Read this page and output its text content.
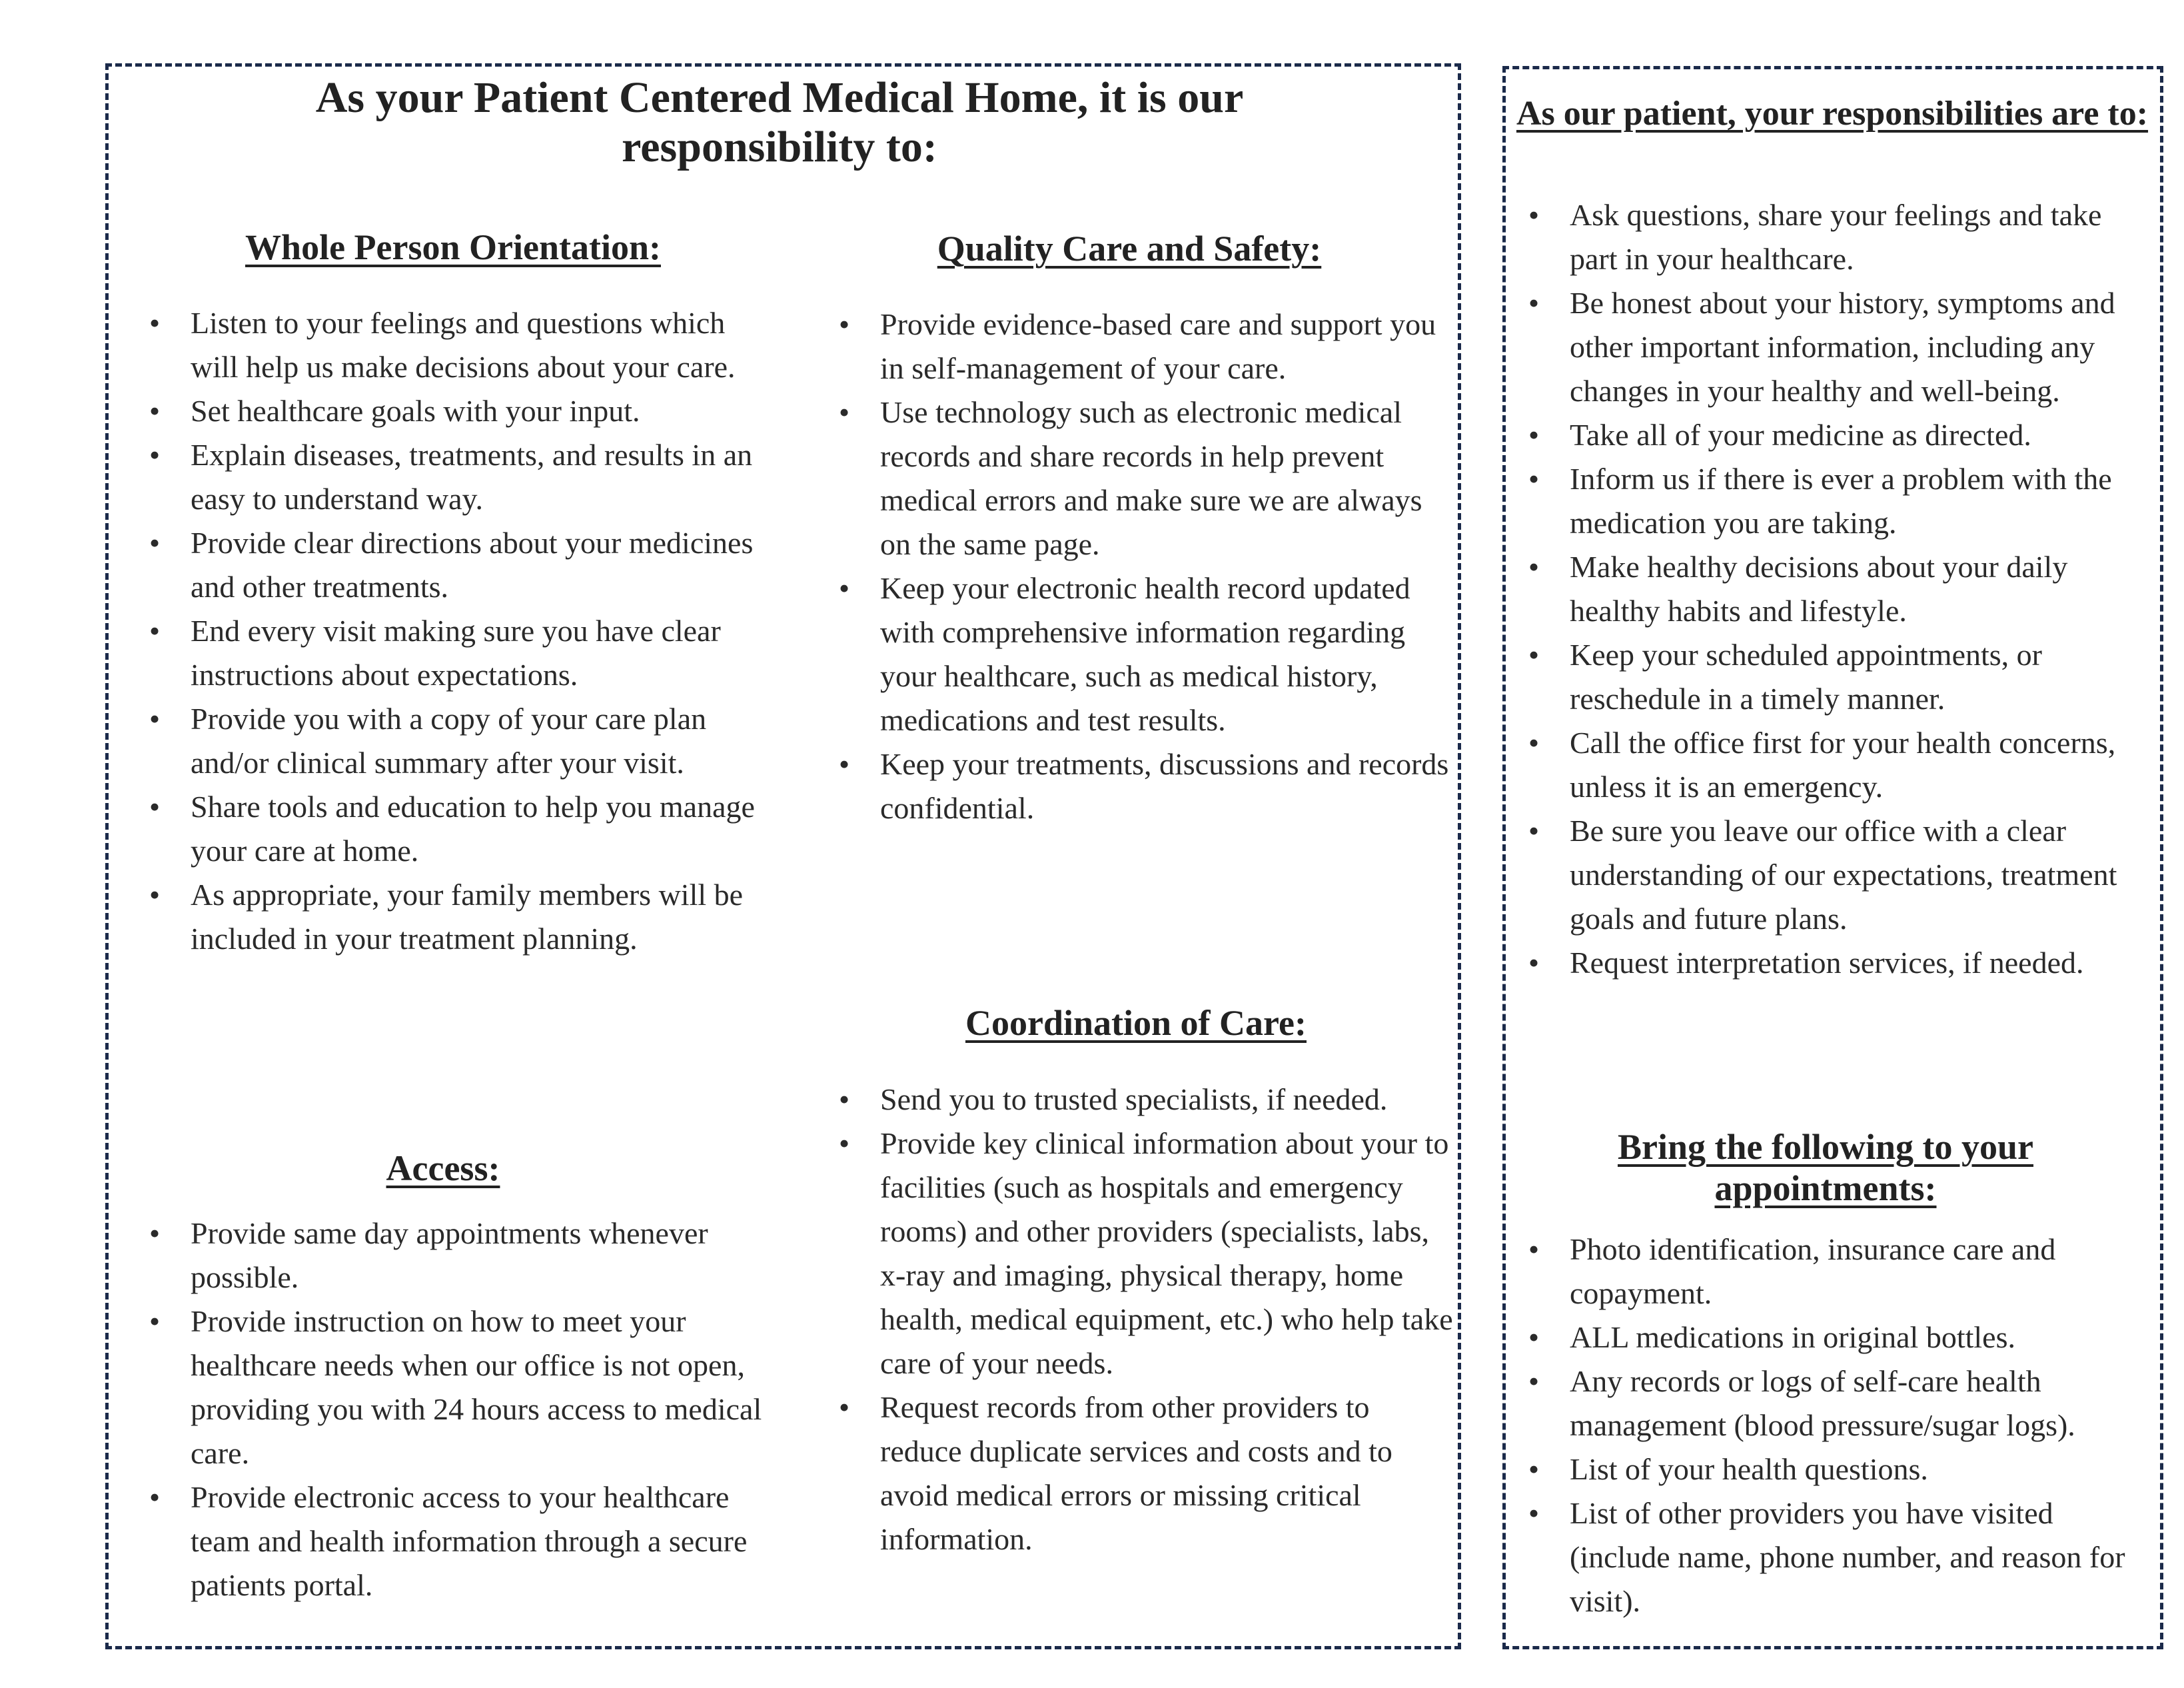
As your Patient Centered Medical Home, it is our responsibility to:
Whole Person Orientation:
• Listen to your feelings and questions which will help us make decisions about your care.
• Set healthcare goals with your input.
• Explain diseases, treatments, and results in an easy to understand way.
• Provide clear directions about your medicines and other treatments.
• End every visit making sure you have clear instructions about expectations.
• Provide you with a copy of your care plan and/or clinical summary after your visit.
• Share tools and education to help you manage your care at home.
• As appropriate, your family members will be included in your treatment planning.
Access:
• Provide same day appointments whenever possible.
• Provide instruction on how to meet your healthcare needs when our office is not open, providing you with 24 hours access to medical care.
• Provide electronic access to your healthcare team and health information through a secure patients portal.
Quality Care and Safety:
• Provide evidence-based care and support you in self-management of your care.
• Use technology such as electronic medical records and share records in help prevent medical errors and make sure we are always on the same page.
• Keep your electronic health record updated with comprehensive information regarding your healthcare, such as medical history, medications and test results.
• Keep your treatments, discussions and records confidential.
Coordination of Care:
• Send you to trusted specialists, if needed.
• Provide key clinical information about your to facilities (such as hospitals and emergency rooms) and other providers (specialists, labs, x-ray and imaging, physical therapy, home health, medical equipment, etc.) who help take care of your needs.
• Request records from other providers to reduce duplicate services and costs and to avoid medical errors or missing critical information.
As our patient, your responsibilities are to:
• Ask questions, share your feelings and take part in your healthcare.
• Be honest about your history, symptoms and other important information, including any changes in your healthy and well-being.
• Take all of your medicine as directed.
• Inform us if there is ever a problem with the medication you are taking.
• Make healthy decisions about your daily healthy habits and lifestyle.
• Keep your scheduled appointments, or reschedule in a timely manner.
• Call the office first for your health concerns, unless it is an emergency.
• Be sure you leave our office with a clear understanding of our expectations, treatment goals and future plans.
• Request interpretation services, if needed.
Bring the following to your appointments:
• Photo identification, insurance care and copayment.
• ALL medications in original bottles.
• Any records or logs of self-care health management (blood pressure/sugar logs).
• List of your health questions.
• List of other providers you have visited (include name, phone number, and reason for visit).
